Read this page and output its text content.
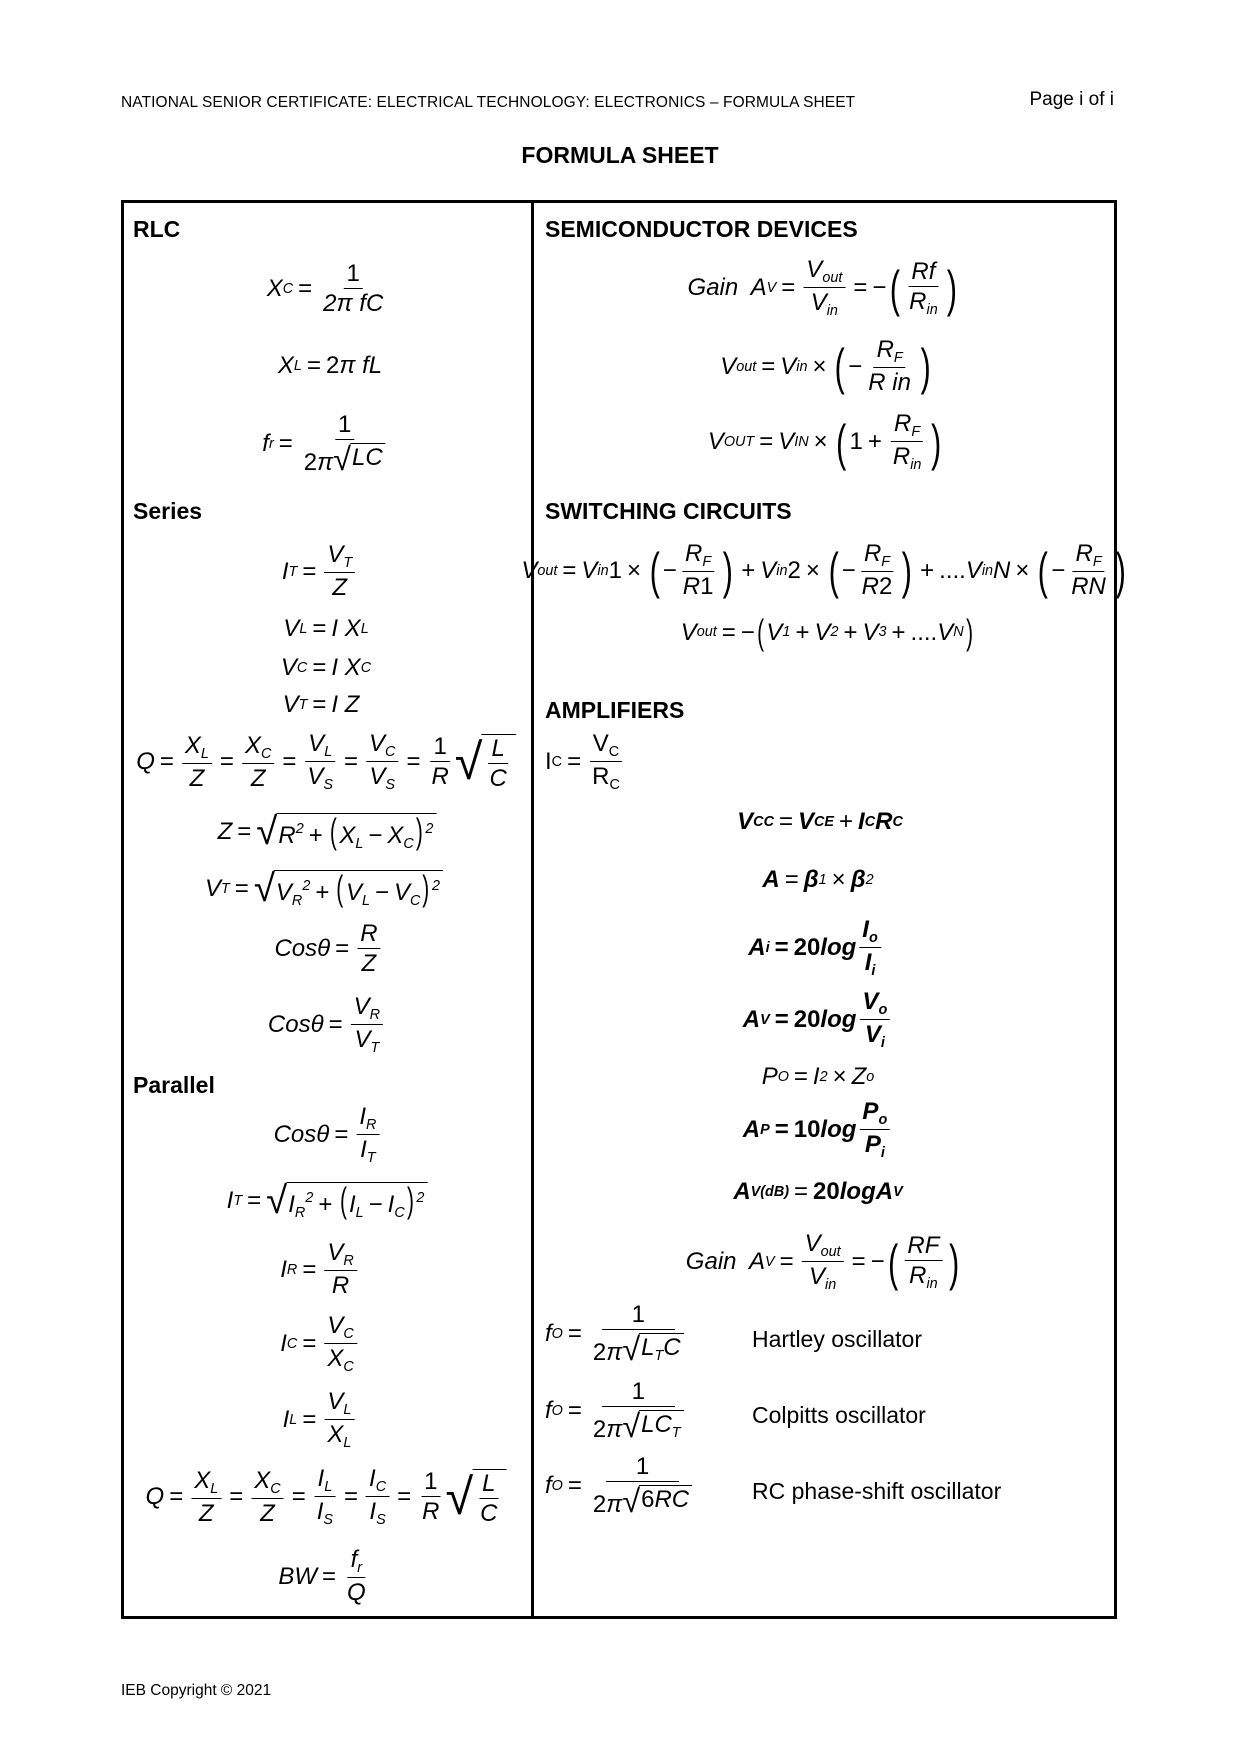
NATIONAL SENIOR CERTIFICATE: ELECTRICAL TECHNOLOGY: ELECTRONICS – FORMULA SHEET	Page i of i
FORMULA SHEET
RLC
Series
Parallel
SEMICONDUCTOR DEVICES
SWITCHING CIRCUITS
AMPLIFIERS
X $C = \frac{1}{\text{2π fC}}$
X L = 2 π fL
f $r = \frac{1}{2\pi √ LC}$
I $T = \frac{V_T}{Z}$
V L = I X L
V C = I X C
V T = I Z
$Q = \frac{X_L}{Z} = \frac{X_C}{Z} = \frac{V_L}{V_S} = \frac{V_C}{V_S} = \frac{1}{R}$ √ $\frac{L}{C}$
Z = √ $R^2 + (X_L - X_C)$ $^2$
V T = √ $V_R^2 + (V_L - V_C)$ $^2$
Cos $\theta = \frac{R}{Z}$
Cos $\theta = \frac{V_R}{V_T}$
Cos $\theta = \frac{I_R}{I_T}$
I T = √ $I_R^2 + (I_L - I_C)$ $^2$
I $R = \frac{V_R}{R}$
I $C = \frac{V_C}{X_C}$
I $L = \frac{V_L}{X_L}$
$Q = \frac{X_L}{Z} = \frac{X_C}{Z} = \frac{I_L}{I_S} = \frac{I_C}{I_S} = \frac{1}{R}$ √ $\frac{L}{C}$
BW = $\frac{f_r}{Q}$
Gain  A $V = \frac{V_{out}}{V_{in}}$ = − ( $\frac{Rf}{R_{in}}$ )
V out = V in × ( − $\frac{R_F}{\text{R in}}$ )
V OUT = V IN × ( $1 + \frac{R_F}{R_{in}}$ )
V out = V in 1 × ( − $\frac{R_F}{R1}$ ) + V in 2 × ( − $\frac{R_F}{R2}$ ) + .... V in N × ( − $\frac{R_F}{RN}$ )
V out = − ( V 1 + V 2 + V 3 + .... V N )
I $C = \frac{V_C}{R_C}$
V CC = V CE + I C R C
A = β 1 × β 2
A i = 20 $\log \frac{I_o}{I_i}$
A V = 20 $\log \frac{V_o}{V_i}$
P O = I 2 × Z o
A P = 10 $\log \frac{P_o}{P_i}$
A V(dB) = 20 logA V
Gain  A $V = \frac{V_{out}}{V_{in}}$ = − ( $\frac{RF}{R_{in}}$ )
f $O = \frac{1}{2\pi √ L_TC}$	Hartley oscillator
f $O = \frac{1}{2\pi √ LC_T}$	Colpitts oscillator
f $O = \frac{1}{2\pi √ 6RC}$ RC phase-shift oscillator
IEB Copyright © 2021
